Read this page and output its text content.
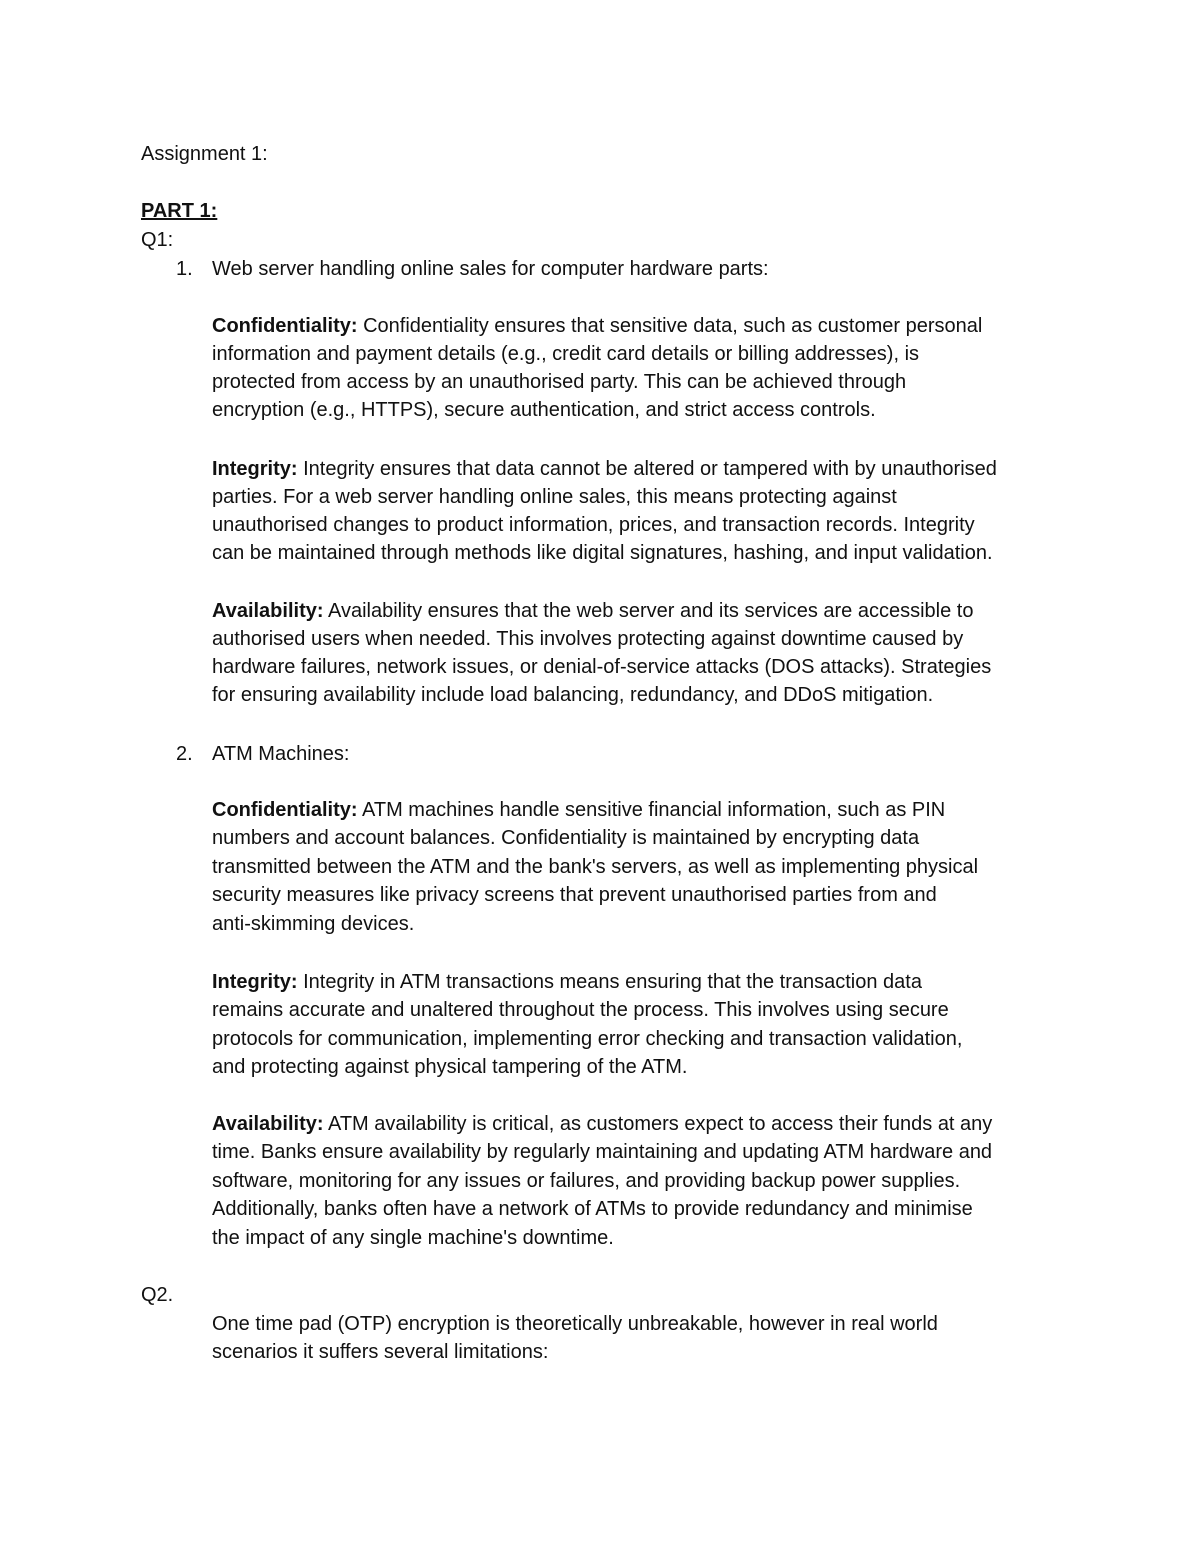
Assignment 1:
PART 1:
Q1:
1. Web server handling online sales for computer hardware parts:
Confidentiality: Confidentiality ensures that sensitive data, such as customer personal
information and payment details (e.g., credit card details or billing addresses), is
protected from access by an unauthorised party. This can be achieved through
encryption (e.g., HTTPS), secure authentication, and strict access controls.
Integrity: Integrity ensures that data cannot be altered or tampered with by unauthorised
parties. For a web server handling online sales, this means protecting against
unauthorised changes to product information, prices, and transaction records. Integrity
can be maintained through methods like digital signatures, hashing, and input validation.
Availability: Availability ensures that the web server and its services are accessible to
authorised users when needed. This involves protecting against downtime caused by
hardware failures, network issues, or denial-of-service attacks (DOS attacks). Strategies
for ensuring availability include load balancing, redundancy, and DDoS mitigation.
2. ATM Machines:
Confidentiality: ATM machines handle sensitive financial information, such as PIN
numbers and account balances. Confidentiality is maintained by encrypting data
transmitted between the ATM and the bank's servers, as well as implementing physical
security measures like privacy screens that prevent unauthorised parties from and
anti-skimming devices.
Integrity: Integrity in ATM transactions means ensuring that the transaction data
remains accurate and unaltered throughout the process. This involves using secure
protocols for communication, implementing error checking and transaction validation,
and protecting against physical tampering of the ATM.
Availability: ATM availability is critical, as customers expect to access their funds at any
time. Banks ensure availability by regularly maintaining and updating ATM hardware and
software, monitoring for any issues or failures, and providing backup power supplies.
Additionally, banks often have a network of ATMs to provide redundancy and minimise
the impact of any single machine's downtime.
Q2.
One time pad (OTP) encryption is theoretically unbreakable, however in real world
scenarios it suffers several limitations:
